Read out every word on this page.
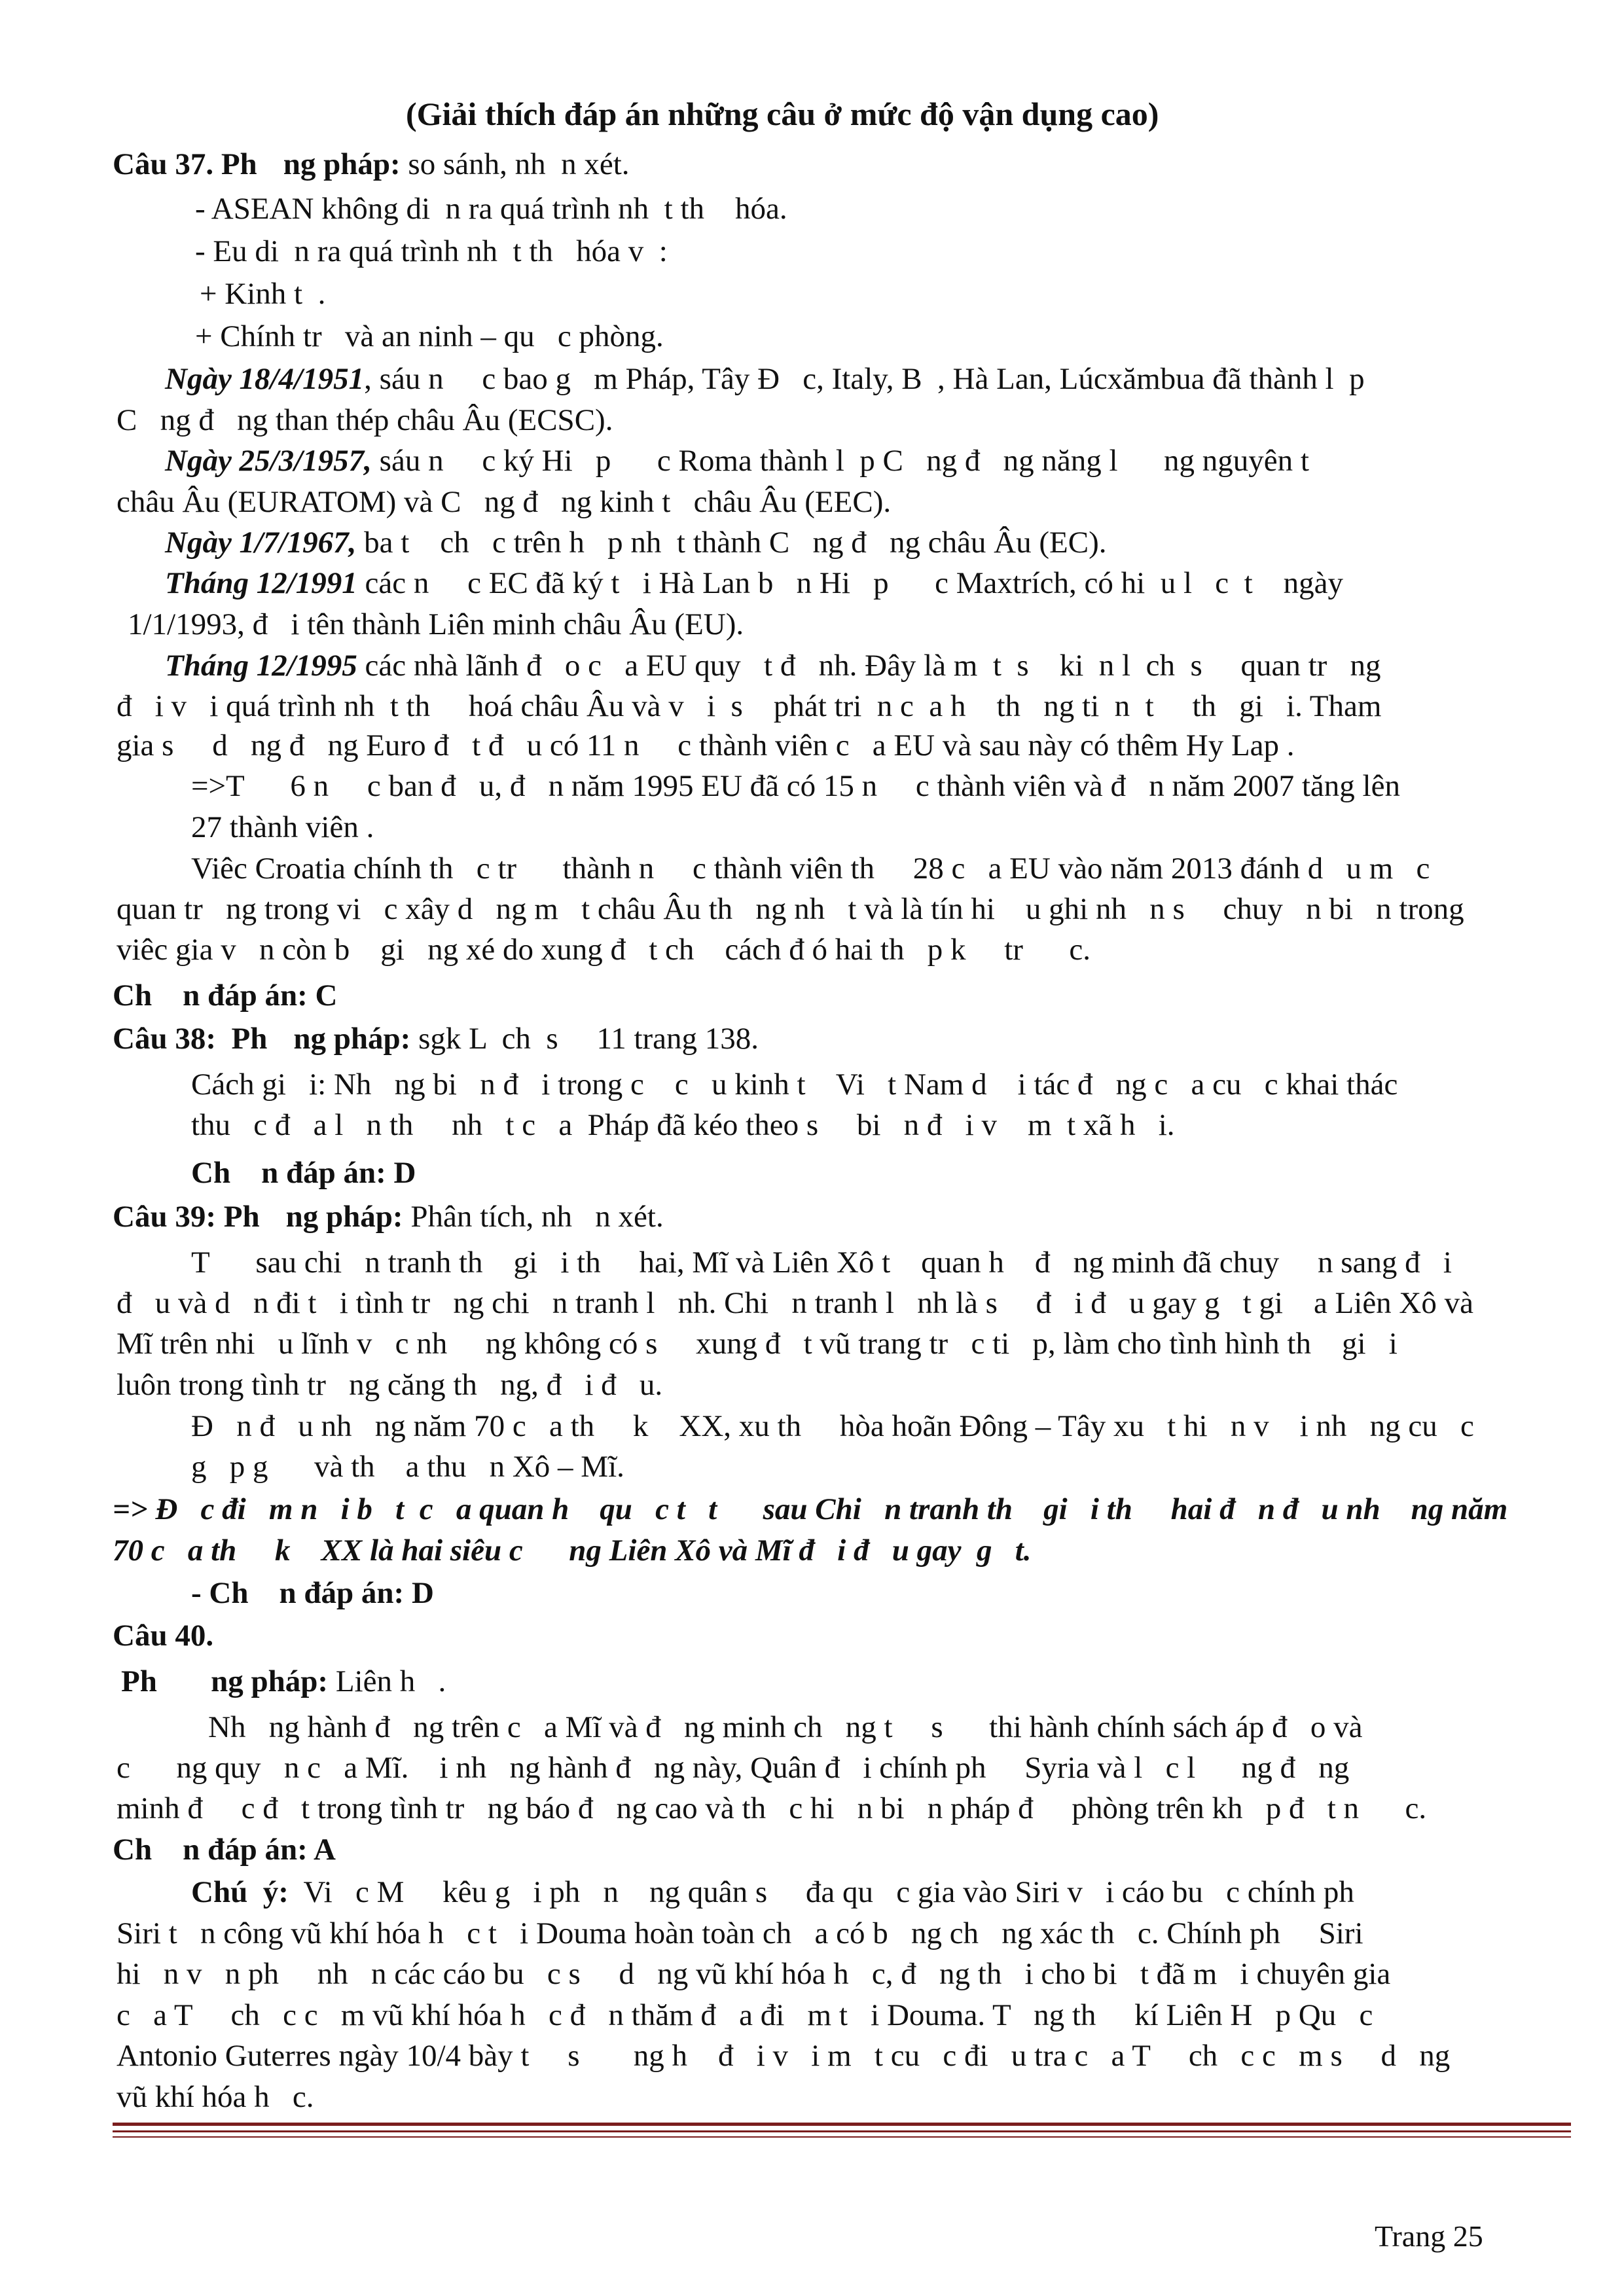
(Giải thích đáp án những câu ở mức độ vận dụng cao)
Câu 37. Ph ng pháp: so sánh, nh  n xét.
- ASEAN không di  n ra quá trình nh  t th    hóa.
- Eu di  n ra quá trình nh  t th   hóa v  :
+ Kinh t  .
+ Chính tr   và an ninh – qu   c phòng.
Ngày 18/4/1951, sáu n     c bao g   m Pháp, Tây Đ   c, Italy, B  , Hà Lan, Lúcxămbua đã thành l  p
C   ng đ   ng than thép châu Âu (ECSC).
Ngày 25/3/1957, sáu n     c ký Hi   p      c Roma thành l  p C   ng đ   ng năng l      ng nguyên t
châu Âu (EURATOM) và C   ng đ   ng kinh t   châu Âu (EEC).
Ngày 1/7/1967, ba t    ch   c trên h   p nh  t thành C   ng đ   ng châu Âu (EC).
Tháng 12/1991 các n     c EC đã ký t   i Hà Lan b   n Hi   p      c Maxtrích, có hi  u l   c  t    ngày
1/1/1993, đ   i tên thành Liên minh châu Âu (EU).
Tháng 12/1995 các nhà lãnh đ   o c   a EU quy   t đ   nh. Đây là m  t  s    ki  n l  ch  s     quan tr   ng
đ   i v   i quá trình nh  t th     hoá châu Âu và v   i  s    phát tri  n c  a h    th   ng ti  n  t     th   gi   i. Tham
gia s     d   ng đ   ng Euro đ   t đ   u có 11 n     c thành viên c   a EU và sau này có thêm Hy Lap .
=>T      6 n     c ban đ   u, đ   n năm 1995 EU đã có 15 n     c thành viên và đ   n năm 2007 tăng lên
27 thành viên .
Viêc Croatia chính th   c tr      thành n     c thành viên th     28 c   a EU vào năm 2013 đánh d   u m   c
quan tr   ng trong vi   c xây d   ng m   t châu Âu th   ng nh   t và là tín hi    u ghi nh   n s     chuy   n bi   n trong
viêc gia v   n còn b    gi   ng xé do xung đ   t ch    cách đ ó hai th   p k     tr      c.
Ch    n đáp án: C
Câu 38:  Ph ng pháp: sgk L  ch  s     11 trang 138.
Cách gi   i: Nh   ng bi   n đ   i trong c    c   u kinh t    Vi   t Nam d    i tác đ   ng c   a cu   c khai thác
thu   c đ   a l   n th     nh   t c   a  Pháp đã kéo theo s     bi   n đ   i v    m  t xã h   i.
Ch    n đáp án: D
Câu 39: Ph ng pháp: Phân tích, nh   n xét.
T      sau chi   n tranh th    gi   i th     hai, Mĩ và Liên Xô t    quan h    đ   ng minh đã chuy     n sang đ   i
đ   u và d   n đi t   i tình tr   ng chi   n tranh l   nh. Chi   n tranh l   nh là s     đ   i đ   u gay g   t gi    a Liên Xô và
Mĩ trên nhi   u lĩnh v   c nh     ng không có s     xung đ   t vũ trang tr   c ti   p, làm cho tình hình th    gi   i
luôn trong tình tr   ng căng th   ng, đ   i đ   u.
Đ   n đ   u nh   ng năm 70 c   a th     k    XX, xu th     hòa hoãn Đông – Tây xu   t hi   n v    i nh   ng cu   c
g   p g      và th    a thu   n Xô – Mĩ.
=> Đ   c đi   m n   i b   t  c   a quan h    qu   c t   t      sau Chi   n tranh th    gi   i th     hai đ   n đ   u nh    ng năm
70 c   a th     k    XX là hai siêu c      ng Liên Xô và Mĩ đ   i đ   u gay  g   t.
- Ch    n đáp án: D
Câu 40.
Ph       ng pháp: Liên h   .
Nh   ng hành đ   ng trên c   a Mĩ và đ   ng minh ch   ng t     s      thi hành chính sách áp đ   o và
c      ng quy   n c   a Mĩ.    i nh   ng hành đ   ng này, Quân đ   i chính ph     Syria và l   c l      ng đ   ng
minh đ     c đ   t trong tình tr   ng báo đ   ng cao và th   c hi   n bi   n pháp đ     phòng trên kh   p đ   t n      c.
Ch    n đáp án: A
Chú  ý:  Vi   c M     kêu g   i ph   n    ng quân s     đa qu   c gia vào Siri v   i cáo bu   c chính ph
Siri t   n công vũ khí hóa h   c t   i Douma hoàn toàn ch   a có b   ng ch   ng xác th   c. Chính ph     Siri
hi   n v   n ph     nh   n các cáo bu   c s     d   ng vũ khí hóa h   c, đ   ng th   i cho bi   t đã m   i chuyên gia
c   a T     ch   c c   m vũ khí hóa h   c đ   n thăm đ   a đi   m t   i Douma. T   ng th     kí Liên H   p Qu   c
Antonio Guterres ngày 10/4 bày t     s       ng h    đ   i v   i m   t cu   c đi   u tra c   a T     ch   c c   m s     d   ng
vũ khí hóa h   c.
Trang 25
